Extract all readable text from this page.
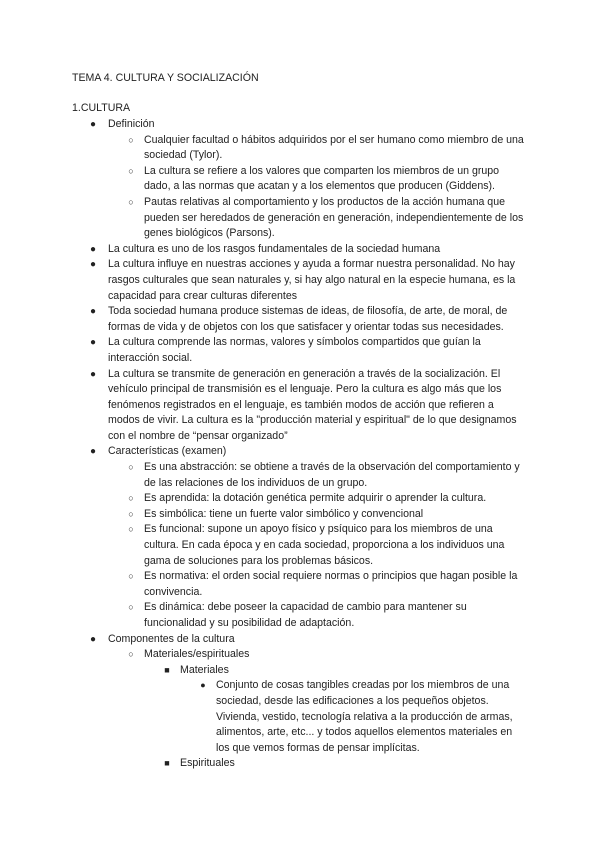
TEMA 4. CULTURA Y SOCIALIZACIÓN
1.CULTURA
●	Definición
○ Cualquier facultad o hábitos adquiridos por el ser humano como miembro de una sociedad (Tylor).
○ La cultura se refiere a los valores que comparten los miembros de un grupo dado, a las normas que acatan y a los elementos que producen (Giddens).
○ Pautas relativas al comportamiento y los productos de la acción humana que pueden ser heredados de generación en generación, independientemente de los genes biológicos (Parsons).
●	La cultura es uno de los rasgos fundamentales de la sociedad humana
●	La cultura influye en nuestras acciones y ayuda a formar nuestra personalidad. No hay rasgos culturales que sean naturales y, si hay algo natural en la especie humana, es la capacidad para crear culturas diferentes
●	Toda sociedad humana produce sistemas de ideas, de filosofía, de arte, de moral, de formas de vida y de objetos con los que satisfacer y orientar todas sus necesidades.
●	La cultura comprende las normas, valores y símbolos compartidos que guían la interacción social.
●	La cultura se transmite de generación en generación a través de la socialización. El vehículo principal de transmisión es el lenguaje. Pero la cultura es algo más que los fenómenos registrados en el lenguaje, es también modos de acción que refieren a modos de vivir. La cultura es la "producción material y espiritual" de lo que designamos con el nombre de “pensar organizado”
●	Características (examen)
○ Es una abstracción: se obtiene a través de la observación del comportamiento y de las relaciones de los individuos de un grupo.
○ Es aprendida: la dotación genética permite adquirir o aprender la cultura.
○ Es simbólica: tiene un fuerte valor simbólico y convencional
○ Es funcional: supone un apoyo físico y psíquico para los miembros de una cultura. En cada época y en cada sociedad, proporciona a los individuos una gama de soluciones para los problemas básicos.
○ Es normativa: el orden social requiere normas o principios que hagan posible la convivencia.
○ Es dinámica: debe poseer la capacidad de cambio para mantener su funcionalidad y su posibilidad de adaptación.
●	Componentes de la cultura
○ Materiales/espirituales
■ Materiales
● Conjunto de cosas tangibles creadas por los miembros de una sociedad, desde las edificaciones a los pequeños objetos. Vivienda, vestido, tecnología relativa a la producción de armas, alimentos, arte, etc... y todos aquellos elementos materiales en los que vemos formas de pensar implícitas.
■ Espirituales
